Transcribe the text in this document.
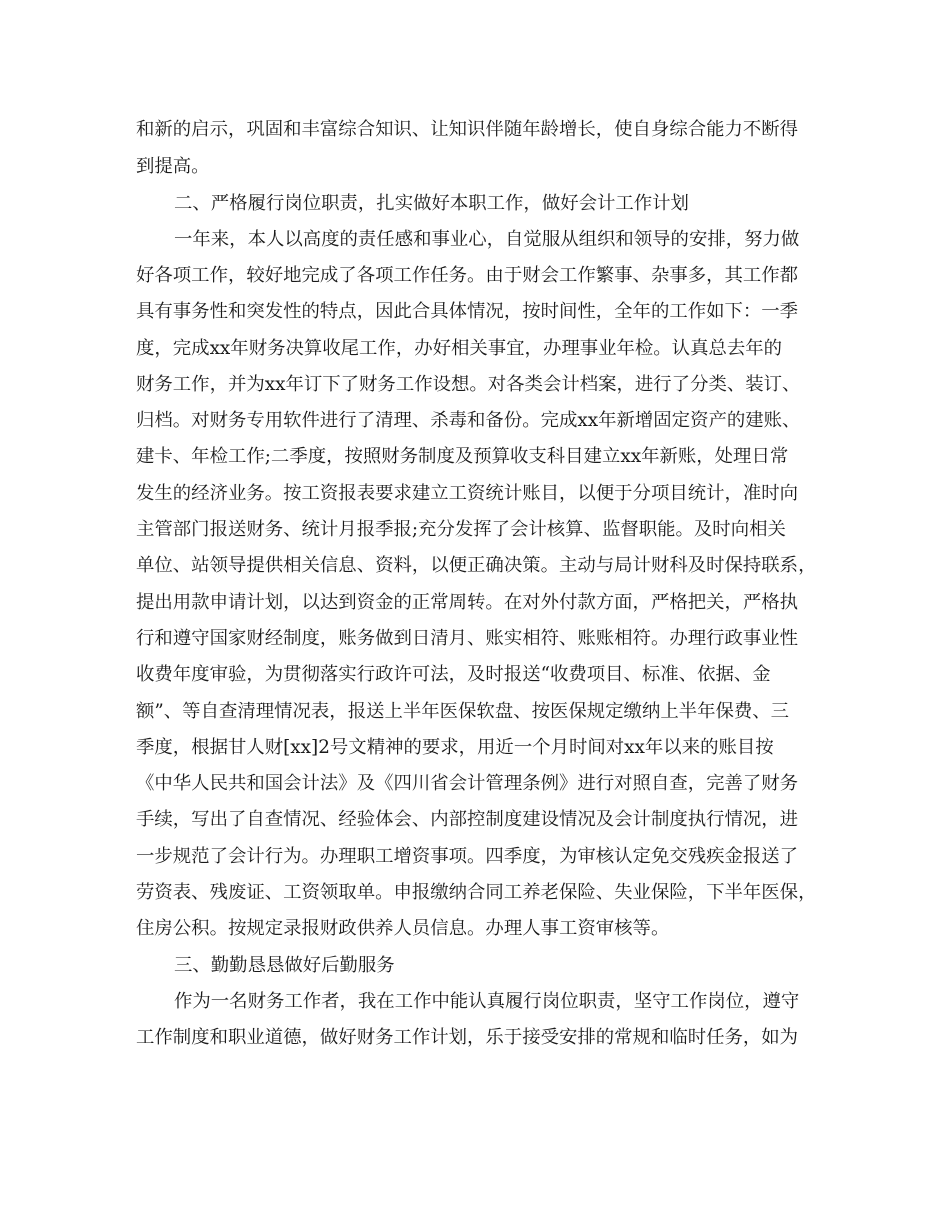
和新的启示，巩固和丰富综合知识、让知识伴随年龄增长，使自身综合能力不断得

到提高。

二、严格履行岗位职责，扎实做好本职工作，做好会计工作计划

一年来，本人以高度的责任感和事业心，自觉服从组织和领导的安排，努力做

好各项工作，较好地完成了各项工作任务。由于财会工作繁事、杂事多，其工作都

具有事务性和突发性的特点，因此合具体情况，按时间性，全年的工作如下：一季

度，完成xx年财务决算收尾工作，办好相关事宜，办理事业年检。认真总去年的

财务工作，并为xx年订下了财务工作设想。对各类会计档案，进行了分类、装订、

归档。对财务专用软件进行了清理、杀毒和备份。完成xx年新增固定资产的建账、

建卡、年检工作;二季度，按照财务制度及预算收支科目建立xx年新账，处理日常

发生的经济业务。按工资报表要求建立工资统计账目，以便于分项目统计，准时向

主管部门报送财务、统计月报季报;充分发挥了会计核算、监督职能。及时向相关

单位、站领导提供相关信息、资料，以便正确决策。主动与局计财科及时保持联系，

提出用款申请计划，以达到资金的正常周转。在对外付款方面，严格把关，严格执

行和遵守国家财经制度，账务做到日清月、账实相符、账账相符。办理行政事业性

收费年度审验，为贯彻落实行政许可法，及时报送“收费项目、标准、依据、金

额”、等自查清理情况表，报送上半年医保软盘、按医保规定缴纳上半年保费、三

季度，根据甘人财[xx]2号文精神的要求，用近一个月时间对xx年以来的账目按

《中华人民共和国会计法》及《四川省会计管理条例》进行对照自查，完善了财务

手续，写出了自查情况、经验体会、内部控制度建设情况及会计制度执行情况，进

一步规范了会计行为。办理职工增资事项。四季度，为审核认定免交残疾金报送了

劳资表、残废证、工资领取单。申报缴纳合同工养老保险、失业保险，下半年医保，

住房公积。按规定录报财政供养人员信息。办理人事工资审核等。

三、勤勤恳恳做好后勤服务

作为一名财务工作者，我在工作中能认真履行岗位职责，坚守工作岗位，遵守

工作制度和职业道德，做好财务工作计划，乐于接受安排的常规和临时任务，如为
